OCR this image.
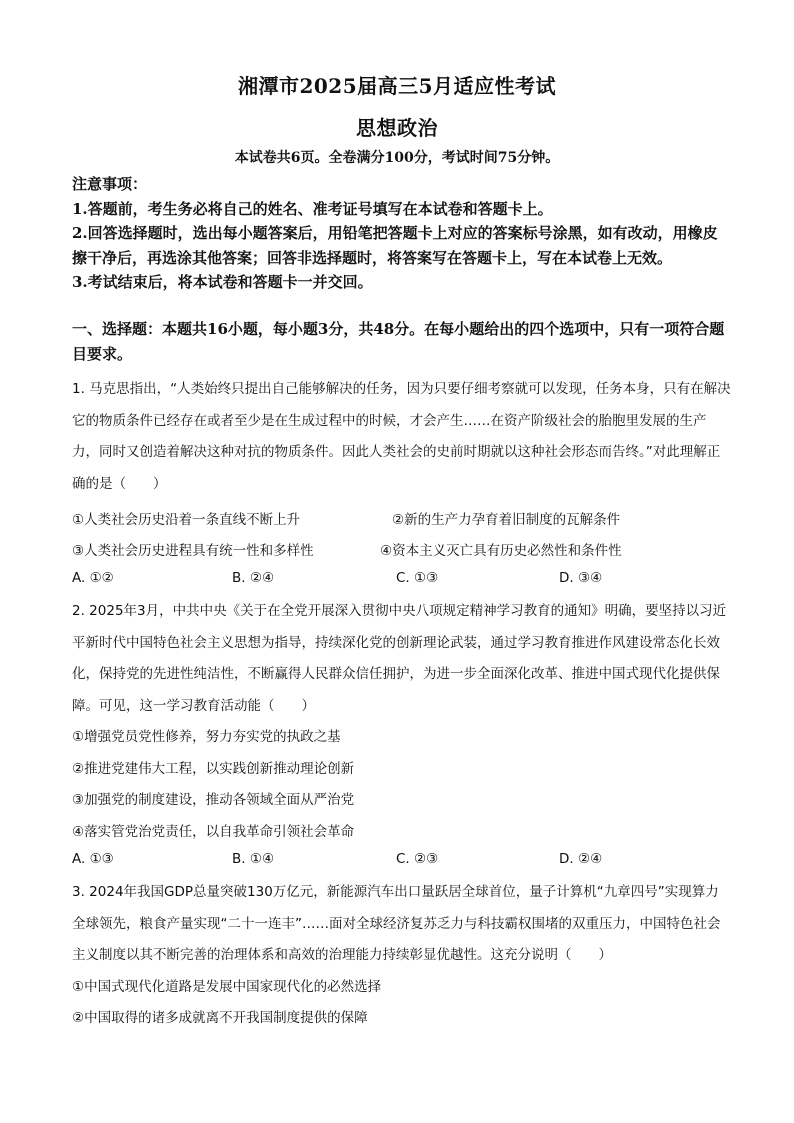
湘潭市2025届高三5月适应性考试
思想政治
本试卷共6页。全卷满分100分，考试时间75分钟。

注意事项：

1.答题前，考生务必将自己的姓名、准考证号填写在本试卷和答题卡上。

2.回答选择题时，选出每小题答案后，用铅笔把答题卡上对应的答案标号涂黑，如有改动，用橡皮擦干净后，再选涂其他答案；回答非选择题时，将答案写在答题卡上，写在本试卷上无效。

3.考试结束后，将本试卷和答题卡一并交回。

一、选择题：本题共16小题，每小题3分，共48分。在每小题给出的四个选项中，只有一项符合题目要求。

1. 马克思指出，“人类始终只提出自己能够解决的任务，因为只要仔细考察就可以发现，任务本身，只有在解决它的物质条件已经存在或者至少是在生成过程中的时候，才会产生……在资产阶级社会的胎胞里发展的生产力，同时又创造着解决这种对抗的物质条件。因此人类社会的史前时期就以这种社会形态而告终。”对此理解正确的是（　　）

①人类社会历史沿着一条直线不断上升	②新的生产力孕育着旧制度的瓦解条件
③人类社会历史进程具有统一性和多样性	④资本主义灭亡具有历史必然性和条件性
A. ①②	B. ②④	C. ①③	D. ③④

2. 2025年3月，中共中央《关于在全党开展深入贯彻中央八项规定精神学习教育的通知》明确，要坚持以习近平新时代中国特色社会主义思想为指导，持续深化党的创新理论武装，通过学习教育推进作风建设常态化长效化，保持党的先进性纯洁性，不断赢得人民群众信任拥护，为进一步全面深化改革、推进中国式现代化提供保障。可见，这一学习教育活动能（　　）

①增强党员党性修养，努力夯实党的执政之基

②推进党建伟大工程，以实践创新推动理论创新

③加强党的制度建设，推动各领域全面从严治党

④落实管党治党责任，以自我革命引领社会革命

A. ①③	B. ①④	C. ②③	D. ②④

3. 2024年我国GDP总量突破130万亿元，新能源汽车出口量跃居全球首位，量子计算机“九章四号”实现算力全球领先，粮食产量实现“二十一连丰”……面对全球经济复苏乏力与科技霸权围堵的双重压力，中国特色社会主义制度以其不断完善的治理体系和高效的治理能力持续彰显优越性。这充分说明（　　）

①中国式现代化道路是发展中国家现代化的必然选择

②中国取得的诸多成就离不开我国制度提供的保障
